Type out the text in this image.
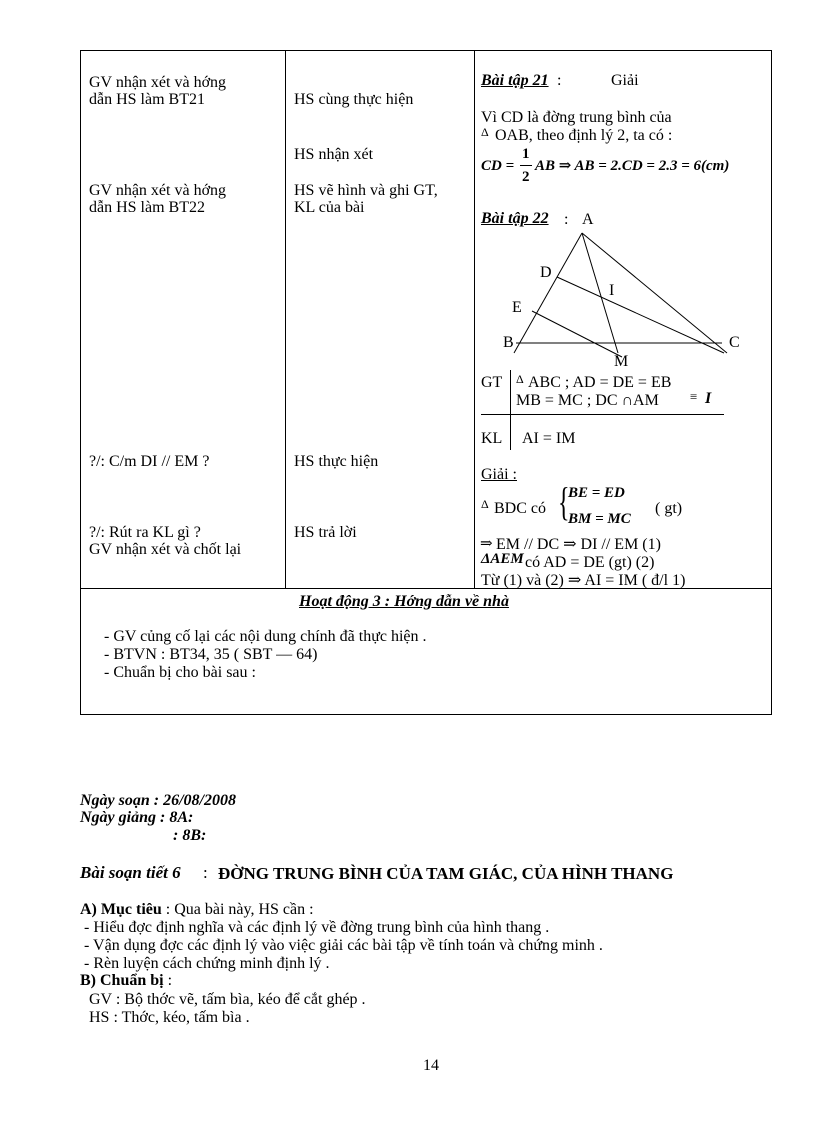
GV nhận xét và hớng
dẫn HS làm BT21
GV nhận xét và hớng
dẫn HS làm BT22
?/: C/m DI // EM ?
?/: Rút ra KL gì ?
GV nhận xét và chốt lại
HS cùng thực hiện
HS nhận xét
HS vẽ hình và ghi GT,
KL của bài
HS thực hiện
HS trả lời
Bài tập 21 :	Giải
Vì CD là đờng trung bình của
Δ OAB, theo định lý 2, ta có :
CD =
1
2
AB ⇒ AB = 2.CD = 2.3 = 6(cm)
Bài tập 22 : A
D
I
E
B	C
M
GT Δ ABC ; AD = DE = EB
MB = MC ; DC ∩AM ≡ I
KL AI = IM
Giải :
Δ BDC có {
BE = ED
BM = MC
( gt)
⇒ EM // DC ⇒ DI // EM (1)
ΔAEM có AD = DE (gt) (2)
Từ (1) và (2) ⇒ AI = IM ( đ/l 1)
Hoạt động 3 : Hớng dẫn về nhà
- GV củng cố lại các nội dung chính đã thực hiện .
- BTVN : BT34, 35 ( SBT — 64)
- Chuẩn bị cho bài sau :
Ngày soạn : 26/08/2008
Ngày giảng : 8A:
: 8B:
Bài soạn tiết 6 : ĐỜNG TRUNG BÌNH CỦA TAM GIÁC, CỦA HÌNH THANG
A) Mục tiêu : Qua bài này, HS cần :
- Hiểu đợc định nghĩa và các định lý về đờng trung bình của hình thang .
- Vận dụng đợc các định lý vào việc giải các bài tập về tính toán và chứng minh .
- Rèn luyện cách chứng minh định lý .
B) Chuẩn bị :
GV : Bộ thớc vẽ, tấm bìa, kéo để cắt ghép .
HS : Thớc, kéo, tấm bìa .
14
